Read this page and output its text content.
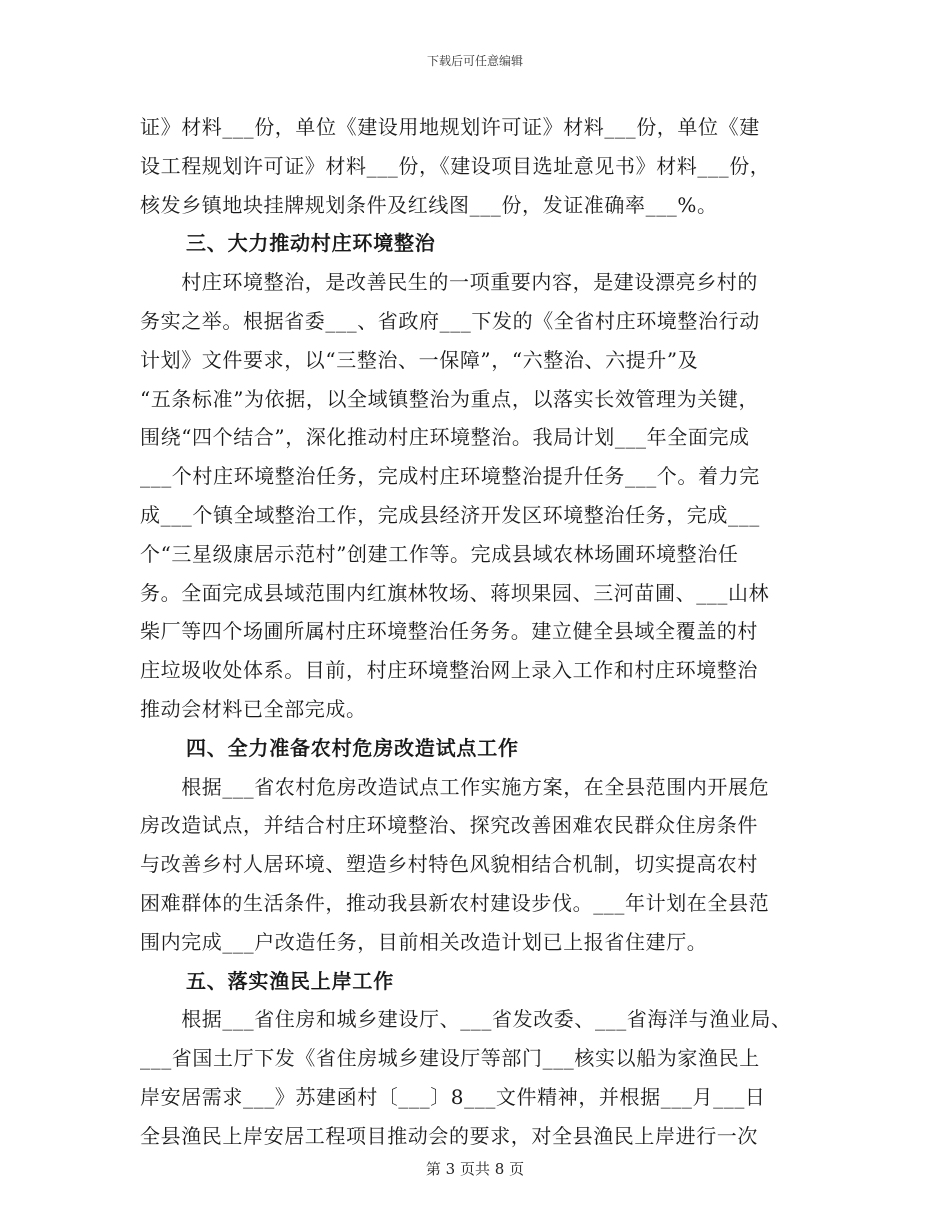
下载后可任意编辑
证》材料___份，单位《建设用地规划许可证》材料___份，单位《建
设工程规划许可证》材料___份，《建设项目选址意见书》材料___份，
核发乡镇地块挂牌规划条件及红线图___份，发证准确率___%。
三、大力推动村庄环境整治
　　村庄环境整治，是改善民生的一项重要内容，是建设漂亮乡村的
务实之举。根据省委___、省政府___下发的《全省村庄环境整治行动
计划》文件要求，以“三整治、一保障”，“六整治、六提升”及
“五条标准”为依据，以全域镇整治为重点，以落实长效管理为关键，
围绕“四个结合”，深化推动村庄环境整治。我局计划___年全面完成
___个村庄环境整治任务，完成村庄环境整治提升任务___个。着力完
成___个镇全域整治工作，完成县经济开发区环境整治任务，完成___
个“三星级康居示范村”创建工作等。完成县域农林场圃环境整治任
务。全面完成县域范围内红旗林牧场、蒋坝果园、三河苗圃、___山林
柴厂等四个场圃所属村庄环境整治任务务。建立健全县域全覆盖的村
庄垃圾收处体系。目前，村庄环境整治网上录入工作和村庄环境整治
推动会材料已全部完成。
四、全力准备农村危房改造试点工作
　　根据___省农村危房改造试点工作实施方案，在全县范围内开展危
房改造试点，并结合村庄环境整治、探究改善困难农民群众住房条件
与改善乡村人居环境、塑造乡村特色风貌相结合机制，切实提高农村
困难群体的生活条件，推动我县新农村建设步伐。___年计划在全县范
围内完成___户改造任务，目前相关改造计划已上报省住建厅。
五、落实渔民上岸工作
　　根据___省住房和城乡建设厅、___省发改委、___省海洋与渔业局、
___省国土厅下发《省住房城乡建设厅等部门___核实以船为家渔民上
岸安居需求___》苏建函村〔___〕8___文件精神，并根据___月___日
全县渔民上岸安居工程项目推动会的要求，对全县渔民上岸进行一次
第 3 页共 8 页
